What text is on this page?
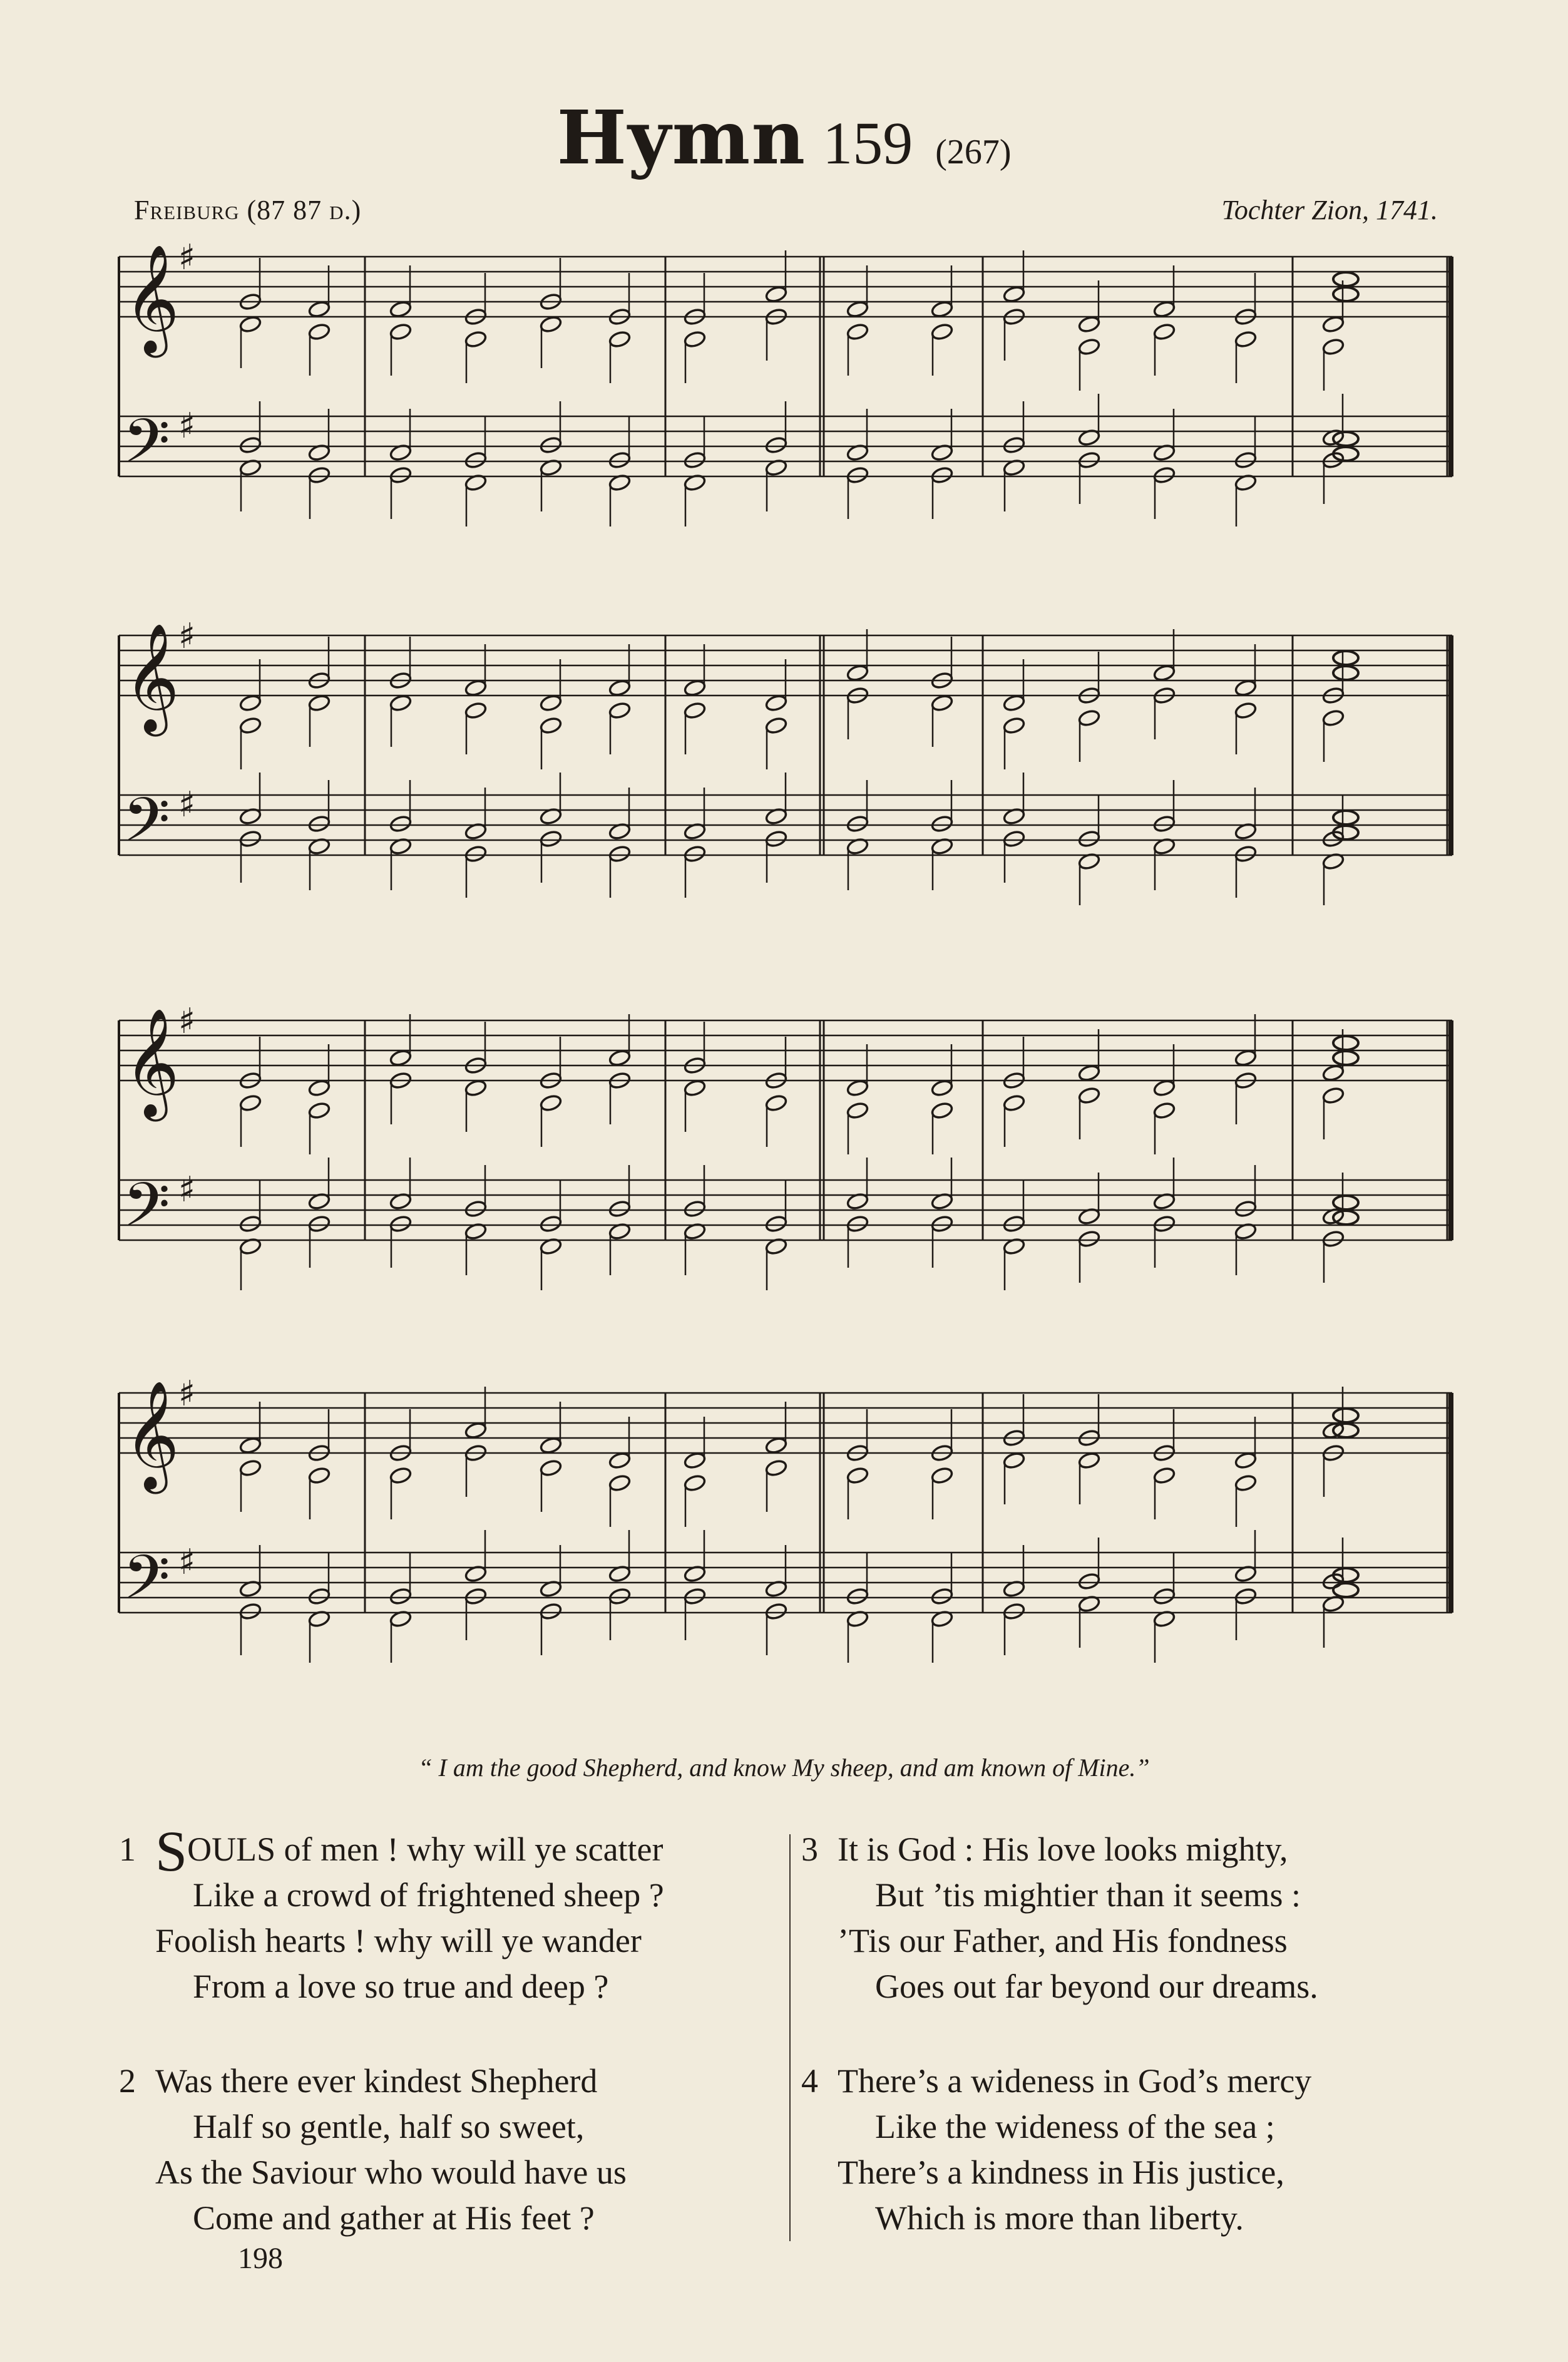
Hymn 159 (267)
Freiburg (87 87 d.)	Tochter Zion, 1741.
♯
♯
𝄞
𝄢
♯
♯
𝄞
𝄢
♯
♯
𝄞
𝄢
♯
♯
𝄞
𝄢
“ I am the good Shepherd, and know My sheep, and am known of Mine.”
1 SOULS of men ! why will ye scatter
Like a crowd of frightened sheep ?
Foolish hearts ! why will ye wander
From a love so true and deep ?
2 Was there ever kindest Shepherd
Half so gentle, half so sweet,
As the Saviour who would have us
Come and gather at His feet ?
3 It is God : His love looks mighty,
But ’tis mightier than it seems :
’Tis our Father, and His fondness
Goes out far beyond our dreams.
4 There’s a wideness in God’s mercy
Like the wideness of the sea ;
There’s a kindness in His justice,
Which is more than liberty.
198
